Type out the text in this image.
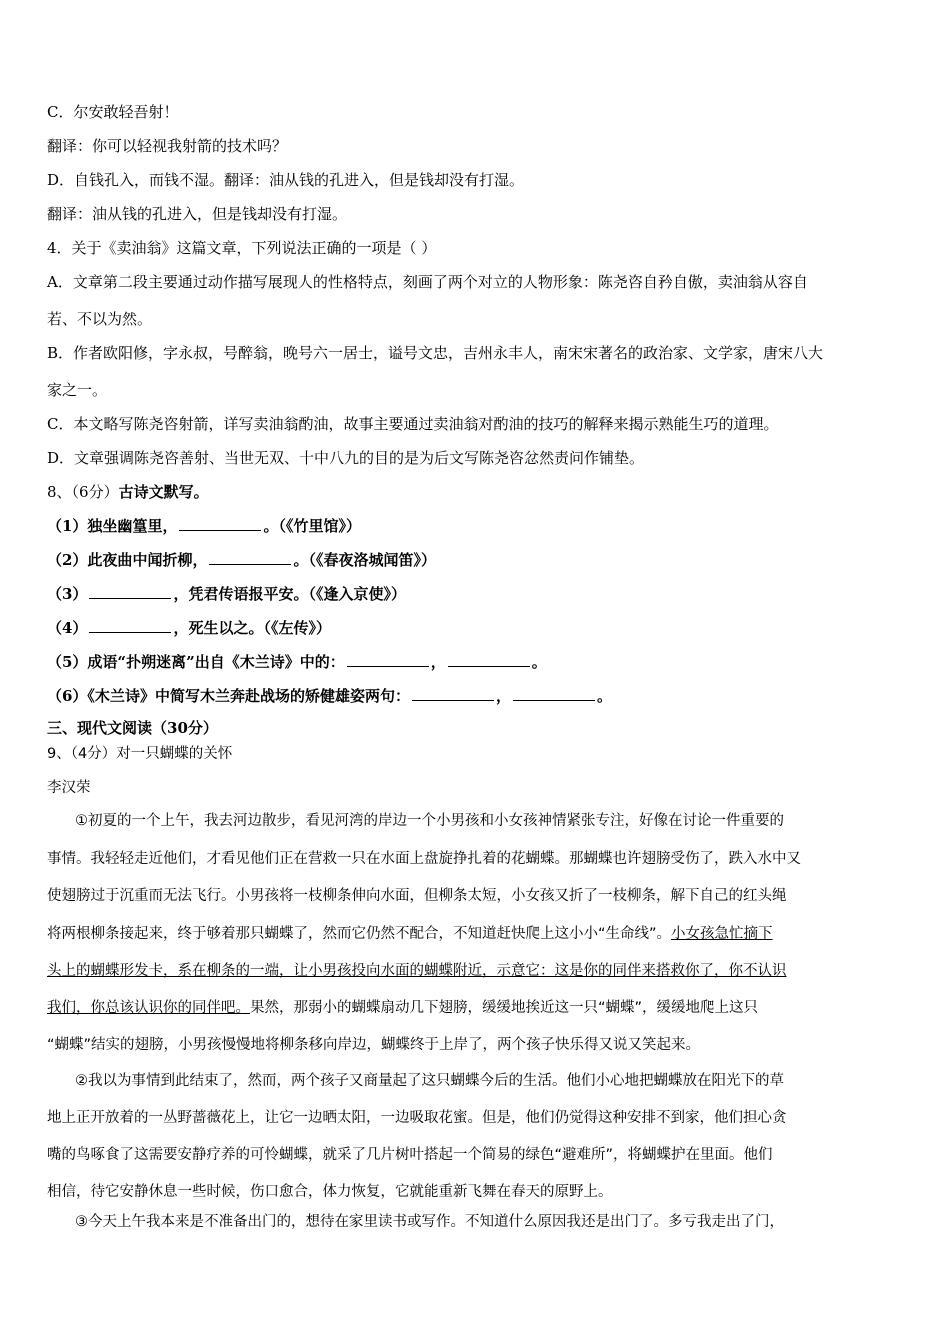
C．尔安敢轻吾射！
翻译：你可以轻视我射箭的技术吗？
D．自钱孔入，而钱不湿。翻译：油从钱的孔进入，但是钱却没有打湿。
翻译：油从钱的孔进入，但是钱却没有打湿。
4．关于《卖油翁》这篇文章，下列说法正确的一项是（ ）
A．文章第二段主要通过动作描写展现人的性格特点，刻画了两个对立的人物形象：陈尧咨自矜自傲，卖油翁从容自
若、不以为然。
B．作者欧阳修，字永叔，号醉翁，晚号六一居士，谥号文忠，吉州永丰人，南宋宋著名的政治家、文学家，唐宋八大
家之一。
C．本文略写陈尧咨射箭，详写卖油翁酌油，故事主要通过卖油翁对酌油的技巧的解释来揭示熟能生巧的道理。
D．文章强调陈尧咨善射、当世无双、十中八九的目的是为后文写陈尧咨忿然责问作铺垫。
8、（6分）古诗文默写。
（1）独坐幽篁里，	。（《竹里馆》）
（2）此夜曲中闻折柳，	。（《春夜洛城闻笛》）
（3）	，凭君传语报平安。（《逢入京使》）
（4）	，死生以之。（《左传》）
（5）成语“扑朔迷离”出自《木兰诗》中的：	，	。
（6）《木兰诗》中简写木兰奔赴战场的矫健雄姿两句：	，	。
三、现代文阅读（30分）
9、（4分）对一只蝴蝶的关怀
李汉荣
①初夏的一个上午，我去河边散步，看见河湾的岸边一个小男孩和小女孩神情紧张专注，好像在讨论一件重要的
事情。我轻轻走近他们，才看见他们正在营救一只在水面上盘旋挣扎着的花蝴蝶。那蝴蝶也许翅膀受伤了，跌入水中又
使翅膀过于沉重而无法飞行。小男孩将一枝柳条伸向水面，但柳条太短，小女孩又折了一枝柳条，解下自己的红头绳
将两根柳条接起来，终于够着那只蝴蝶了，然而它仍然不配合，不知道赶快爬上这小小“生命线”。小女孩急忙摘下
头上的蝴蝶形发卡，系在柳条的一端，让小男孩投向水面的蝴蝶附近，示意它：这是你的同伴来搭救你了，你不认识
我们，你总该认识你的同伴吧。果然，那弱小的蝴蝶扇动几下翅膀，缓缓地挨近这一只“蝴蝶”，缓缓地爬上这只
“蝴蝶”结实的翅膀，小男孩慢慢地将柳条移向岸边，蝴蝶终于上岸了，两个孩子快乐得又说又笑起来。
②我以为事情到此结束了，然而，两个孩子又商量起了这只蝴蝶今后的生活。他们小心地把蝴蝶放在阳光下的草
地上正开放着的一丛野蔷薇花上，让它一边晒太阳，一边吸取花蜜。但是，他们仍觉得这种安排不到家，他们担心贪
嘴的鸟啄食了这需要安静疗养的可怜蝴蝶，就采了几片树叶搭起一个简易的绿色“避难所”，将蝴蝶护在里面。他们
相信，待它安静休息一些时候，伤口愈合，体力恢复，它就能重新飞舞在春天的原野上。
③今天上午我本来是不准备出门的，想待在家里读书或写作。不知道什么原因我还是出门了。多亏我走出了门，
